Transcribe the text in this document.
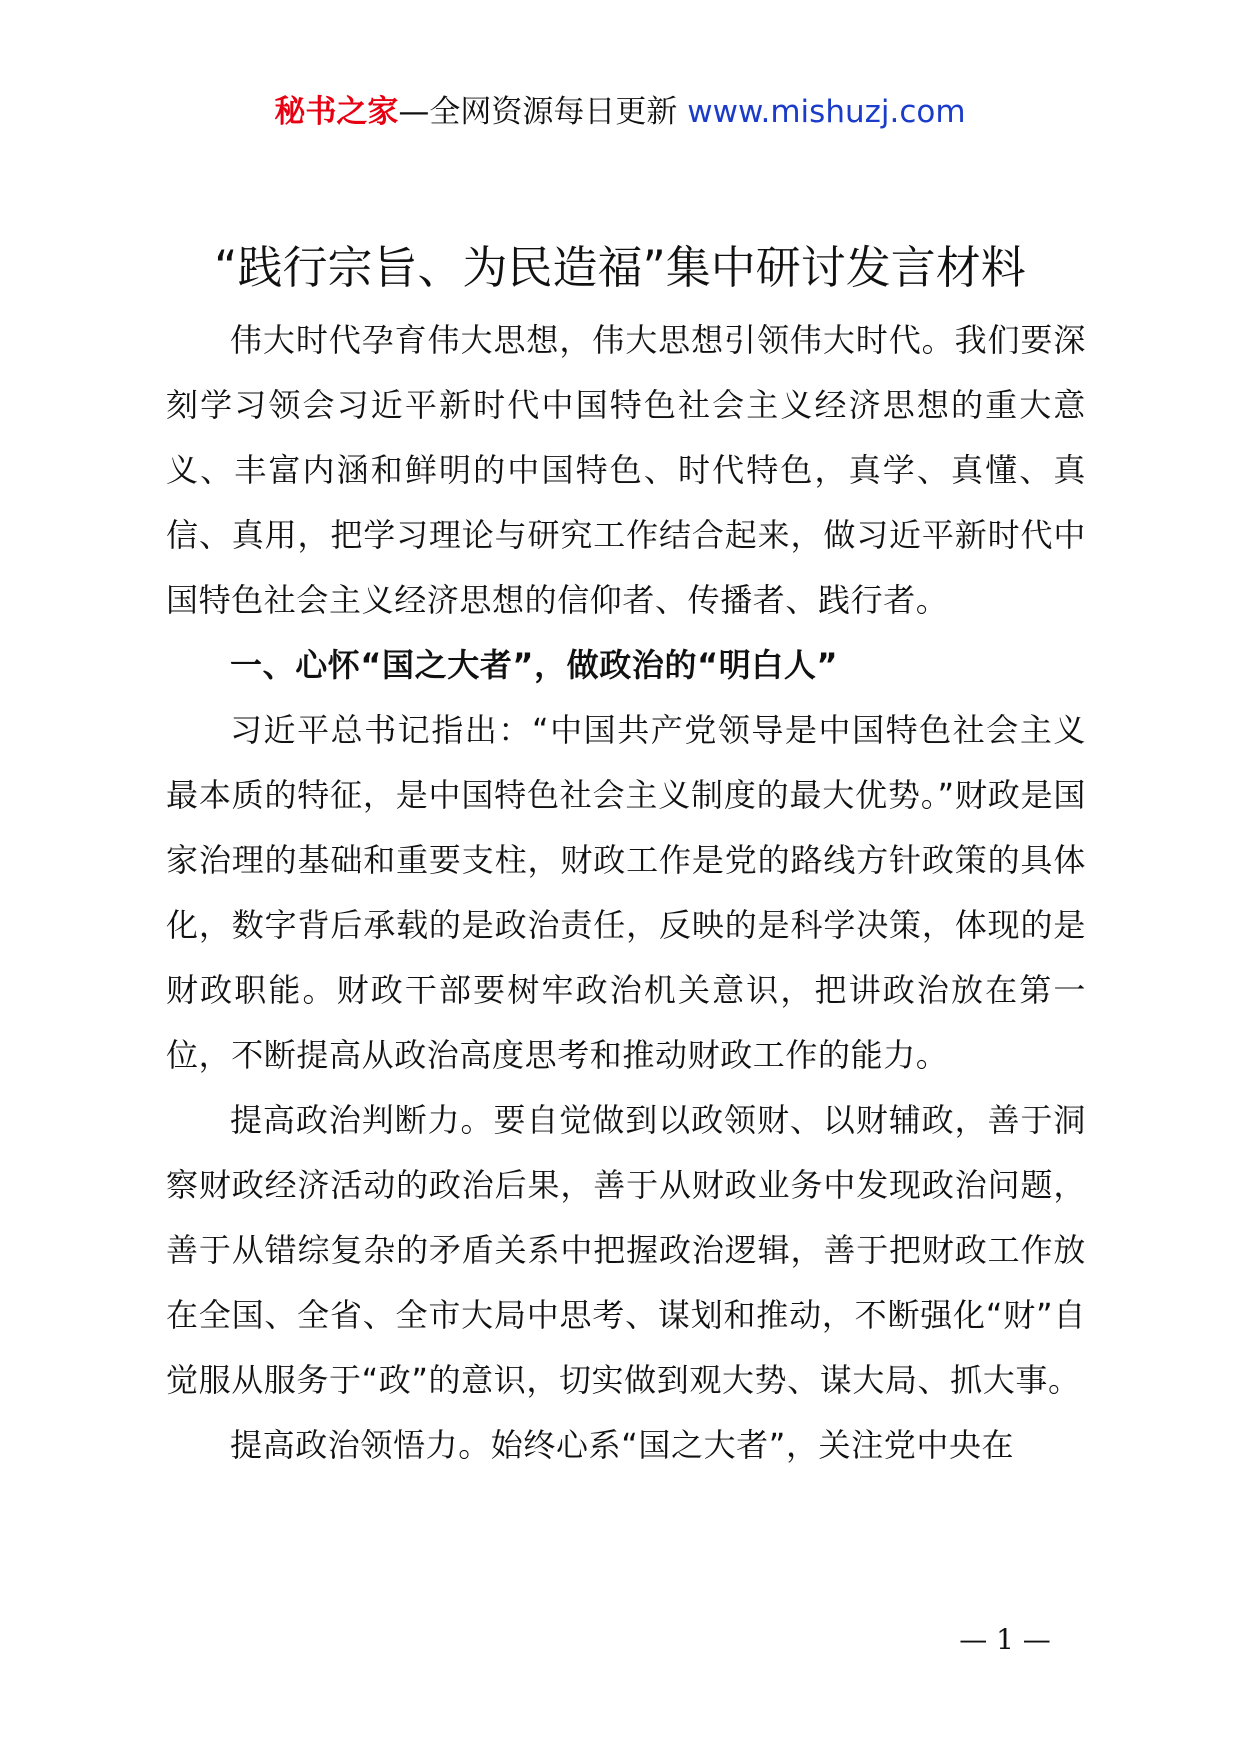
秘书之家—全网资源每日更新 www.mishuzj.com
“践行宗旨、为民造福”集中研讨发言材料

伟大时代孕育伟大思想，伟大思想引领伟大时代。我们要深刻学习领会习近平新时代中国特色社会主义经济思想的重大意义、丰富内涵和鲜明的中国特色、时代特色，真学、真懂、真信、真用，把学习理论与研究工作结合起来，做习近平新时代中国特色社会主义经济思想的信仰者、传播者、践行者。

一、心怀“国之大者”，做政治的“明白人”

习近平总书记指出：“中国共产党领导是中国特色社会主义最本质的特征，是中国特色社会主义制度的最大优势。”财政是国家治理的基础和重要支柱，财政工作是党的路线方针政策的具体化，数字背后承载的是政治责任，反映的是科学决策，体现的是财政职能。财政干部要树牢政治机关意识，把讲政治放在第一位，不断提高从政治高度思考和推动财政工作的能力。

提高政治判断力。要自觉做到以政领财、以财辅政，善于洞察财政经济活动的政治后果，善于从财政业务中发现政治问题，善于从错综复杂的矛盾关系中把握政治逻辑，善于把财政工作放在全国、全省、全市大局中思考、谋划和推动，不断强化“财”自觉服从服务于“政”的意识，切实做到观大势、谋大局、抓大事。

提高政治领悟力。始终心系“国之大者”，关注党中央在

— 1 —
